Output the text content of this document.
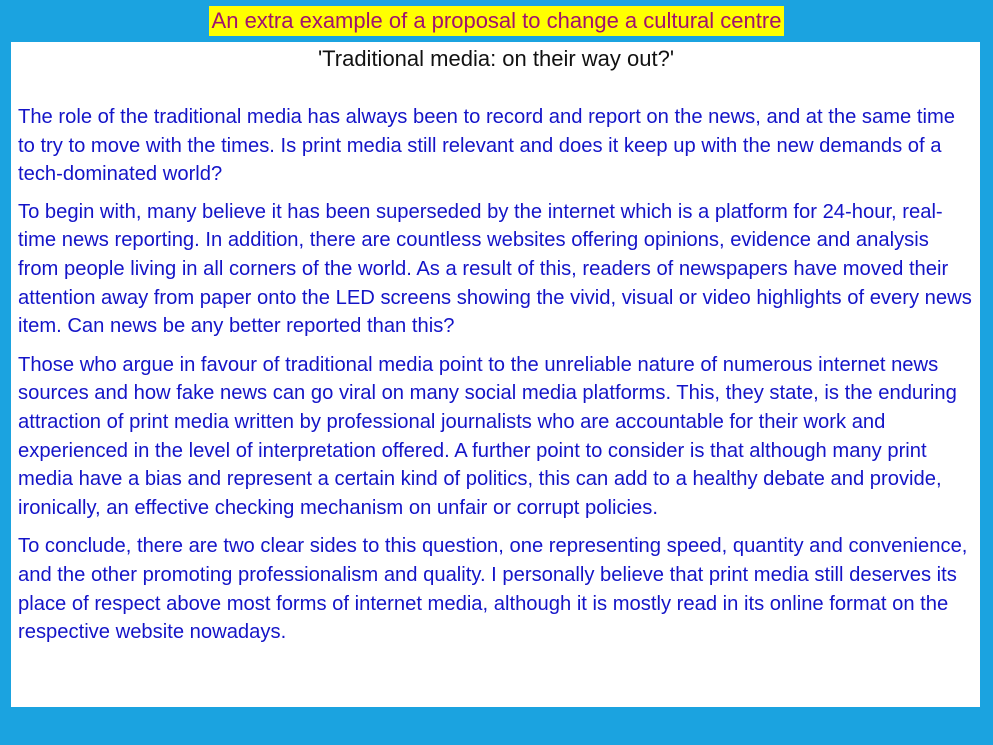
An extra example of a proposal to change a cultural centre

'Traditional media: on their way out?'

The role of the traditional media has always been to record and report on the news, and at the same time to try to move with the times. Is print media still relevant and does it keep up with the new demands of a tech-dominated world?

To begin with, many believe it has been superseded by the internet which is a platform for 24-hour, real-time news reporting. In addition, there are countless websites offering opinions, evidence and analysis from people living in all corners of the world. As a result of this, readers of newspapers have moved their attention away from paper onto the LED screens showing the vivid, visual or video highlights of every news item. Can news be any better reported than this?

Those who argue in favour of traditional media point to the unreliable nature of numerous internet news sources and how fake news can go viral on many social media platforms. This, they state, is the enduring attraction of print media written by professional journalists who are accountable for their work and experienced in the level of interpretation offered. A further point to consider is that although many print media have a bias and represent a certain kind of politics, this can add to a healthy debate and provide, ironically, an effective checking mechanism on unfair or corrupt policies.

To conclude, there are two clear sides to this question, one representing speed, quantity and convenience, and the other promoting professionalism and quality. I personally believe that print media still deserves its place of respect above most forms of internet media, although it is mostly read in its online format on the respective website nowadays.
